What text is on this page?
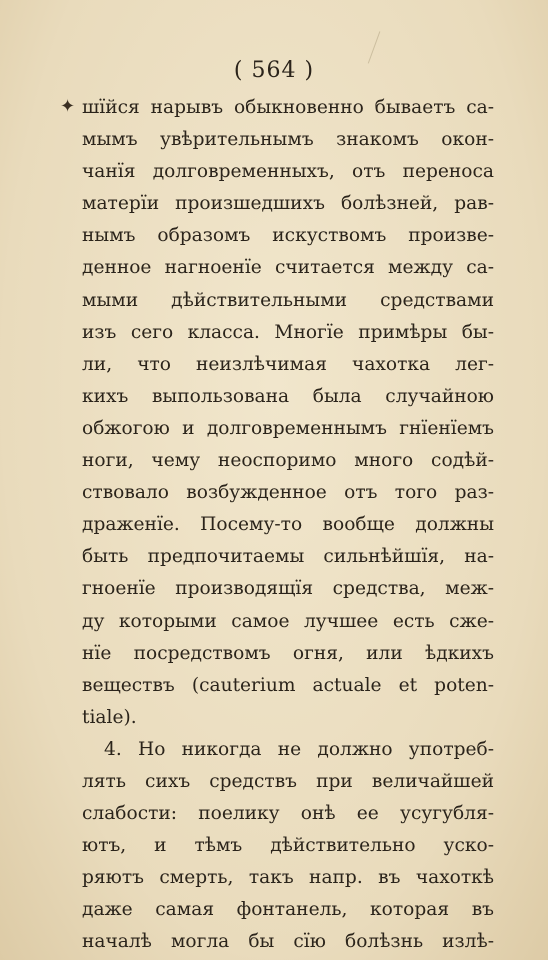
( 564 )
✦ шїйся нарывъ обыкновенно бываетъ са-
мымъ увѣрительнымъ знакомъ окон-
чанїя долговременныхъ, отъ переноса
матерїи произшедшихъ болѣзней, рав-
нымъ образомъ искуствомъ произве-
денное нагноенїе считается между са-
мыми дѣйствительными средствами
изъ сего класса. Многїе примѣры бы-
ли, что неизлѣчимая чахотка лег-
кихъ выпользована была случайною
обжогою и долговременнымъ гнїенїемъ
ноги, чему неоспоримо много содѣй-
ствовало возбужденное отъ того раз-
драженїе. Посему-то вообще должны
быть предпочитаемы сильнѣйшїя, на-
гноенїе производящїя средства, меж-
ду которыми самое лучшее есть сже-
нїе посредствомъ огня, или ѣдкихъ
веществъ (cauterium actuale et poten-
tiale).
4. Но никогда не должно употреб-
лять сихъ средствъ при величайшей
слабости: поелику онѣ ее усугубля-
ютъ, и тѣмъ дѣйствительно уско-
ряютъ смерть, такъ напр. въ чахоткѣ
даже самая фонтанель, которая въ
началѣ могла бы сїю болѣзнь излѣ-
